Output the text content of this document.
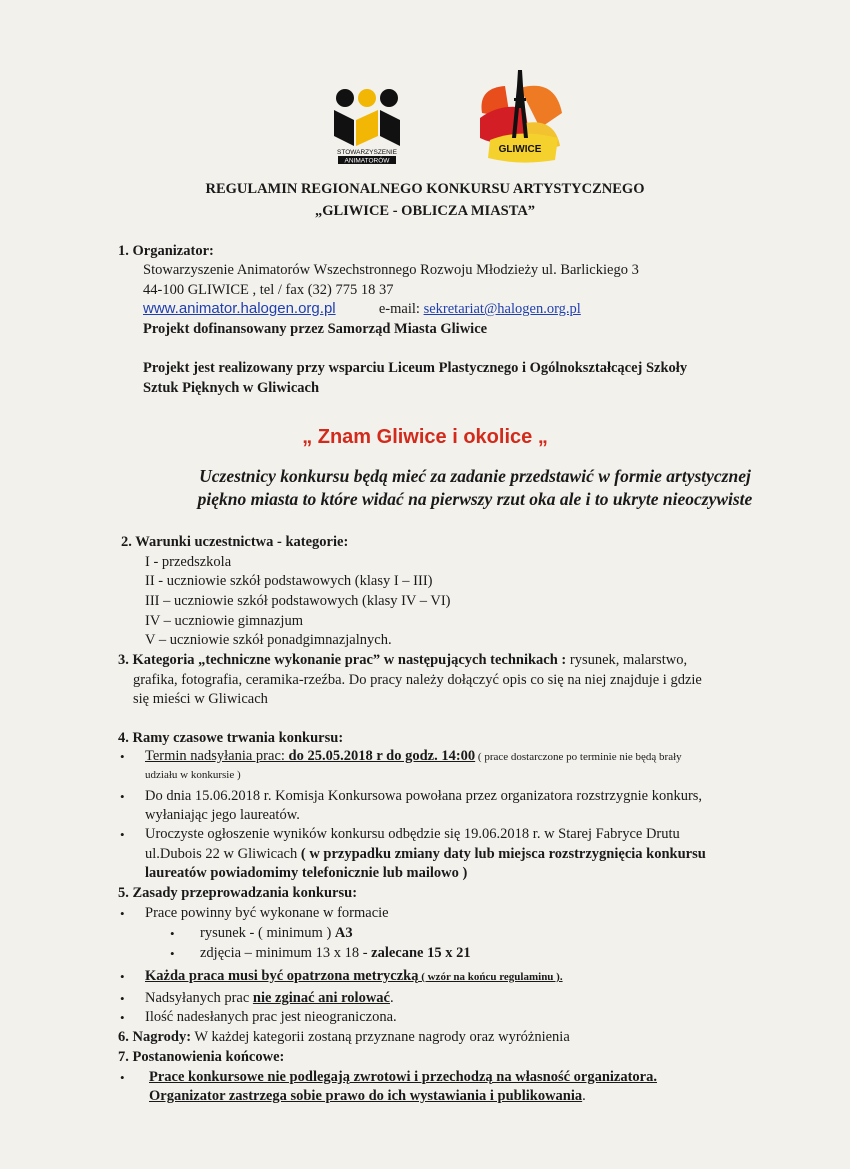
STOWARZYSZENIE
ANIMATORÓW
GLIWICE
REGULAMIN REGIONALNEGO KONKURSU ARTYSTYCZNEGO
„GLIWICE - OBLICZA MIASTA”
1. Organizator:
Stowarzyszenie Animatorów Wszechstronnego Rozwoju Młodzieży ul. Barlickiego 3
44-100 GLIWICE , tel / fax (32) 775 18 37
www.animator.halogen.org.pl	e-mail: sekretariat@halogen.org.pl
Projekt dofinansowany przez Samorząd Miasta Gliwice
Projekt jest realizowany przy wsparciu Liceum Plastycznego i Ogólnokształcącej Szkoły
Sztuk Pięknych w Gliwicach
„ Znam Gliwice i okolice „
Uczestnicy konkursu będą mieć za zadanie przedstawić w formie artystycznej
piękno miasta to które widać na pierwszy rzut oka ale i to ukryte nieoczywiste
2. Warunki uczestnictwa - kategorie:
I - przedszkola
II - uczniowie szkół podstawowych (klasy I – III)
III – uczniowie szkół podstawowych (klasy IV – VI)
IV – uczniowie gimnazjum
V – uczniowie szkół ponadgimnazjalnych.
3. Kategoria „techniczne wykonanie prac” w następujących technikach : rysunek, malarstwo,
grafika, fotografia, ceramika-rzeźba. Do pracy należy dołączyć opis co się na niej znajduje i gdzie
się mieści w Gliwicach
4. Ramy czasowe trwania konkursu:
• Termin nadsyłania prac: do 25.05.2018 r do godz. 14:00 ( prace dostarczone po terminie nie będą brały
udziału w konkursie )
• Do dnia 15.06.2018 r. Komisja Konkursowa powołana przez organizatora rozstrzygnie konkurs,
wyłaniając jego laureatów.
• Uroczyste ogłoszenie wyników konkursu odbędzie się 19.06.2018 r. w Starej Fabryce Drutu
ul.Dubois 22 w Gliwicach ( w przypadku zmiany daty lub miejsca rozstrzygnięcia konkursu
laureatów powiadomimy telefonicznie lub mailowo )
5. Zasady przeprowadzania konkursu:
• Prace powinny być wykonane w formacie
• rysunek - ( minimum ) A3
• zdjęcia – minimum 13 x 18 - zalecane 15 x 21
• Każda praca musi być opatrzona metryczką ( wzór na końcu regulaminu ).
• Nadsyłanych prac nie zginać ani rolować.
• Ilość nadesłanych prac jest nieograniczona.
6. Nagrody: W każdej kategorii zostaną przyznane nagrody oraz wyróżnienia
7. Postanowienia końcowe:
• Prace konkursowe nie podlegają zwrotowi i przechodzą na własność organizatora.
Organizator zastrzega sobie prawo do ich wystawiania i publikowania.
